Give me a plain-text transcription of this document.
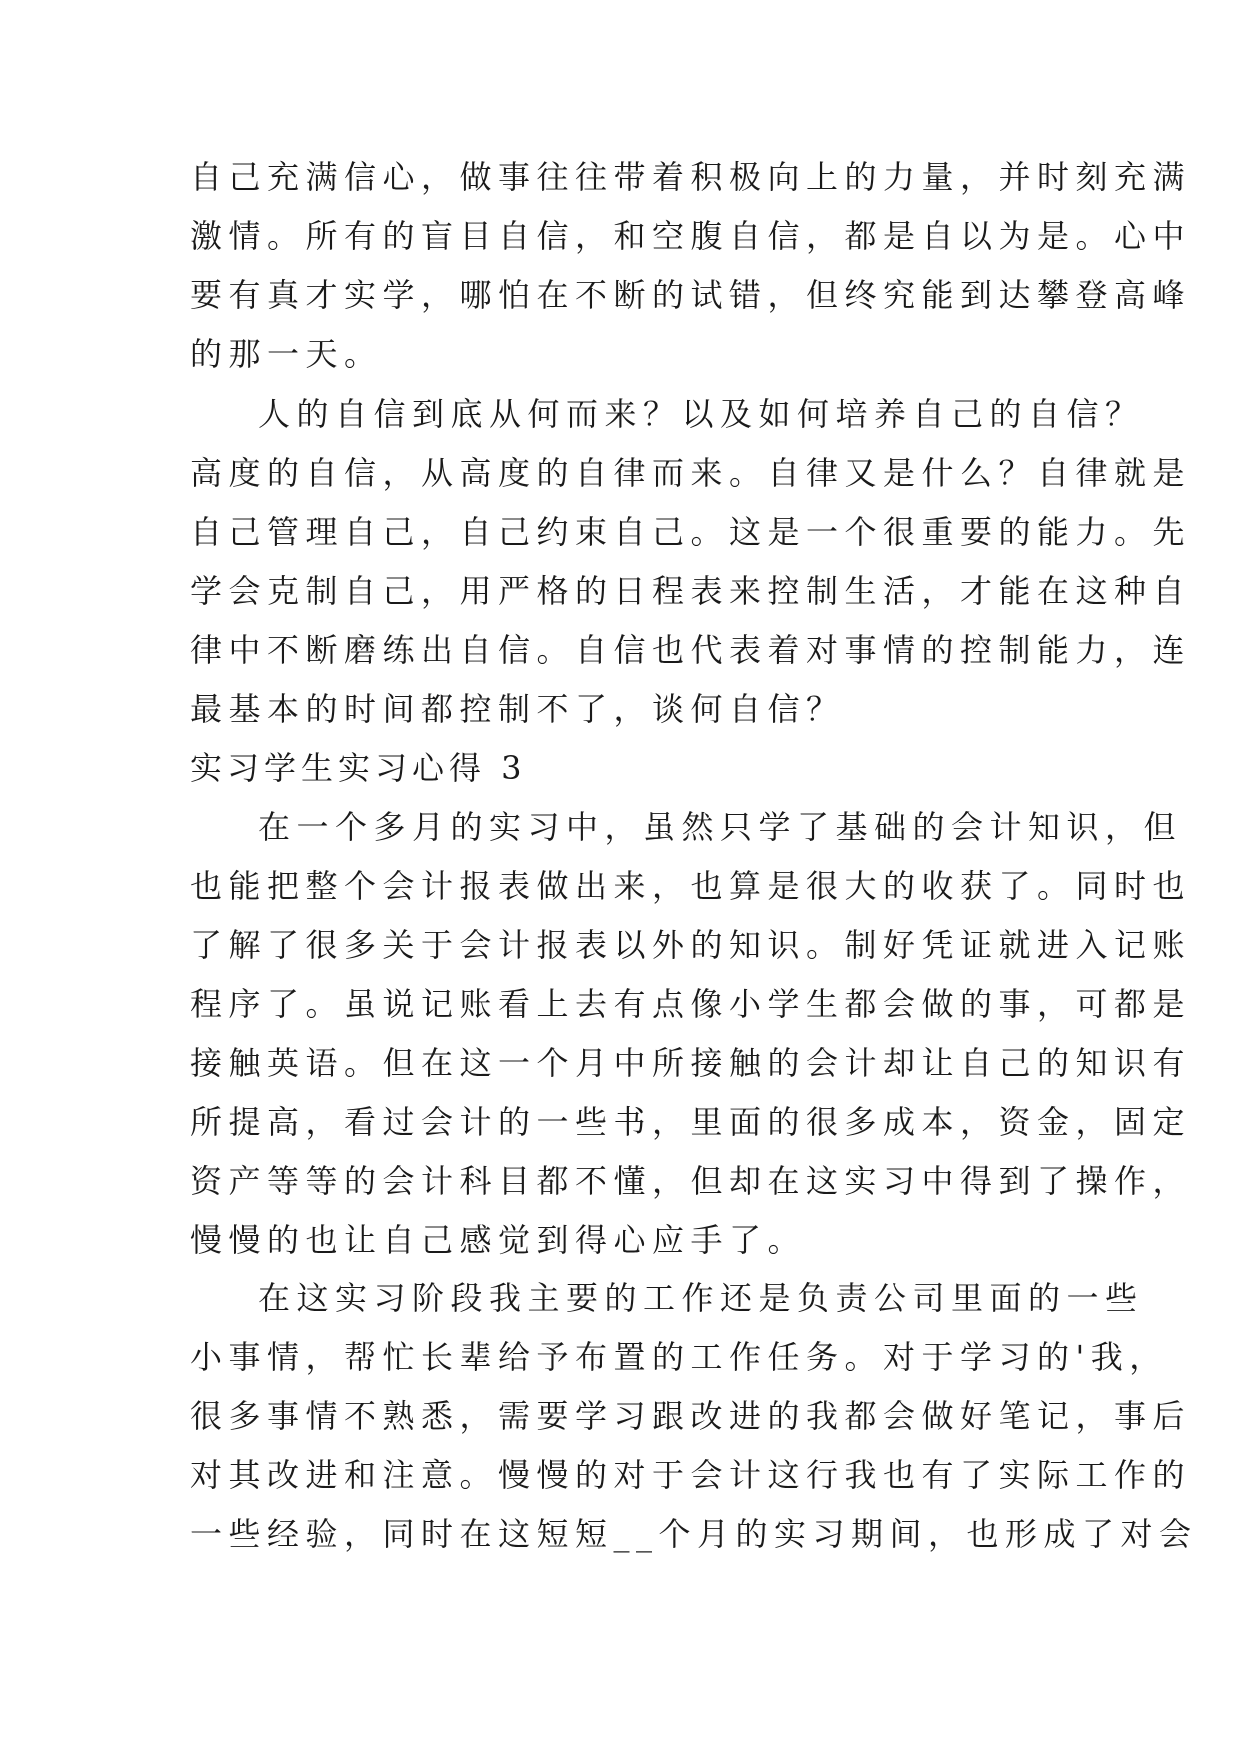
自己充满信心，做事往往带着积极向上的力量，并时刻充满
激情。所有的盲目自信，和空腹自信，都是自以为是。心中
要有真才实学，哪怕在不断的试错，但终究能到达攀登高峰
的那一天。
人的自信到底从何而来？以及如何培养自己的自信？
高度的自信，从高度的自律而来。自律又是什么？自律就是
自己管理自己，自己约束自己。这是一个很重要的能力。先
学会克制自己，用严格的日程表来控制生活，才能在这种自
律中不断磨练出自信。自信也代表着对事情的控制能力，连
最基本的时间都控制不了，谈何自信？
实习学生实习心得 3
在一个多月的实习中，虽然只学了基础的会计知识，但
也能把整个会计报表做出来，也算是很大的收获了。同时也
了解了很多关于会计报表以外的知识。制好凭证就进入记账
程序了。虽说记账看上去有点像小学生都会做的事，可都是
接触英语。但在这一个月中所接触的会计却让自己的知识有
所提高，看过会计的一些书，里面的很多成本，资金，固定
资产等等的会计科目都不懂，但却在这实习中得到了操作，
慢慢的也让自己感觉到得心应手了。
在这实习阶段我主要的工作还是负责公司里面的一些
小事情，帮忙长辈给予布置的工作任务。对于学习的'我，
很多事情不熟悉，需要学习跟改进的我都会做好笔记，事后
对其改进和注意。慢慢的对于会计这行我也有了实际工作的
一些经验，同时在这短短__个月的实习期间，也形成了对会
